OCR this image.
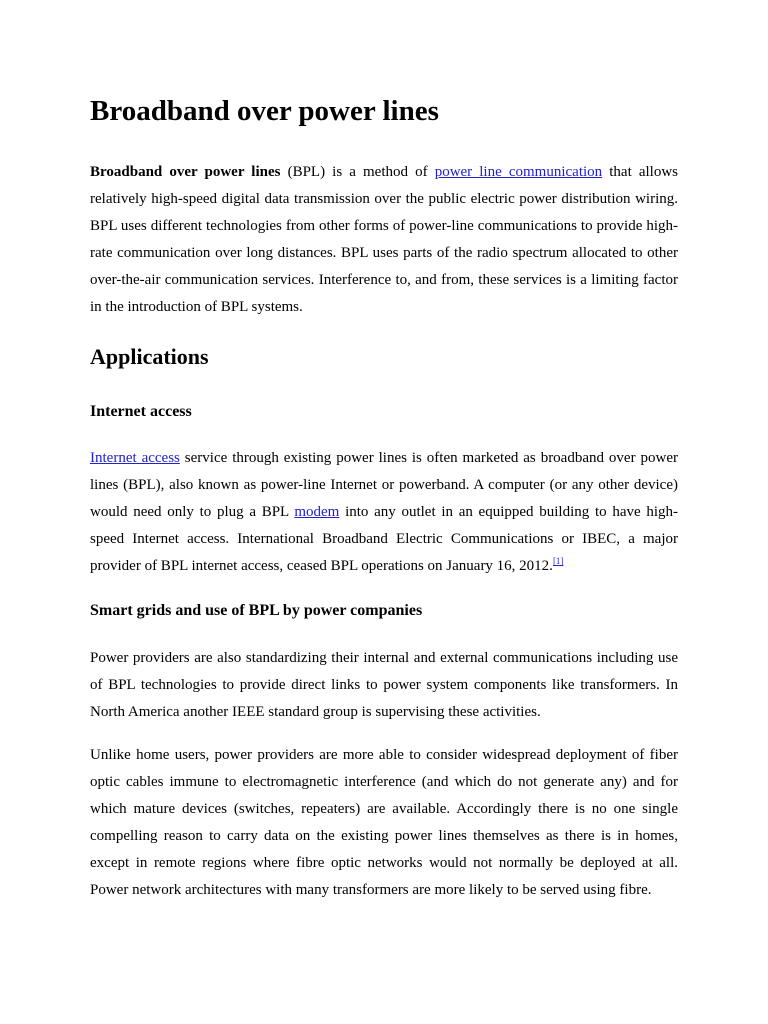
Broadband over power lines

Broadband over power lines (BPL) is a method of power line communication that allows relatively high-speed digital data transmission over the public electric power distribution wiring. BPL uses different technologies from other forms of power-line communications to provide high-rate communication over long distances. BPL uses parts of the radio spectrum allocated to other over-the-air communication services. Interference to, and from, these services is a limiting factor in the introduction of BPL systems.

Applications
Internet access

Internet access service through existing power lines is often marketed as broadband over power lines (BPL), also known as power-line Internet or powerband. A computer (or any other device) would need only to plug a BPL modem into any outlet in an equipped building to have high-speed Internet access. International Broadband Electric Communications or IBEC, a major provider of BPL internet access, ceased BPL operations on January 16, 2012.[1]

Smart grids and use of BPL by power companies

Power providers are also standardizing their internal and external communications including use of BPL technologies to provide direct links to power system components like transformers. In North America another IEEE standard group is supervising these activities.

Unlike home users, power providers are more able to consider widespread deployment of fiber optic cables immune to electromagnetic interference (and which do not generate any) and for which mature devices (switches, repeaters) are available. Accordingly there is no one single compelling reason to carry data on the existing power lines themselves as there is in homes, except in remote regions where fibre optic networks would not normally be deployed at all. Power network architectures with many transformers are more likely to be served using fibre.
